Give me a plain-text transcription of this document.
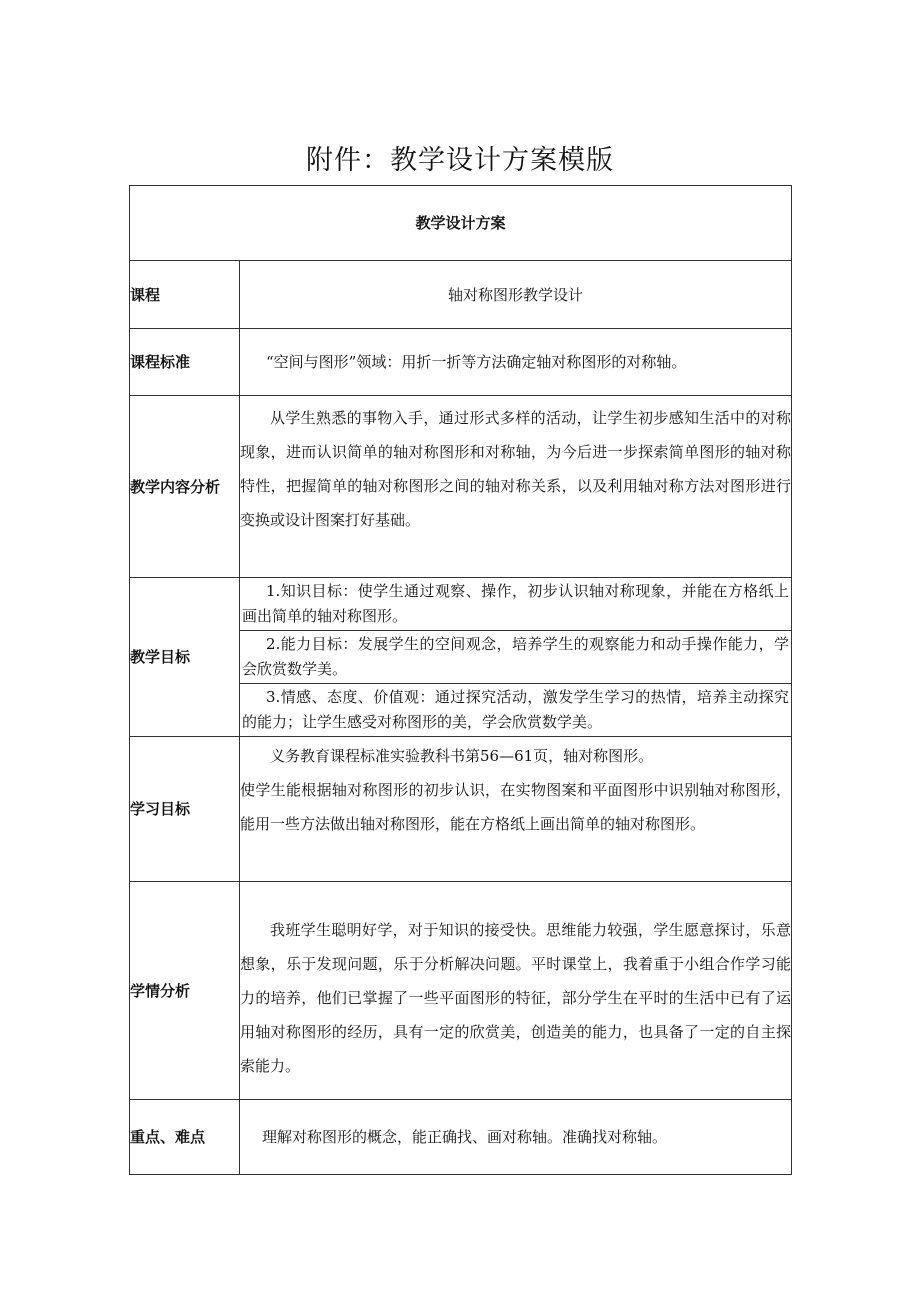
附件：教学设计方案模版
教学设计方案	
课程	轴对称图形教学设计
课程标准	“空间与图形”领域：用折一折等方法确定轴对称图形的对称轴。
教学内容分析	从学生熟悉的事物入手，通过形式多样的活动，让学生初步感知生活中的对称现象，进而认识简单的轴对称图形和对称轴，为今后进一步探索简单图形的轴对称特性，把握简单的轴对称图形之间的轴对称关系，以及利用轴对称方法对图形进行变换或设计图案打好基础。

教学目标	1.知识目标：使学生通过观察、操作，初步认识轴对称现象，并能在方格纸上画出简单的轴对称图形。
2.能力目标：发展学生的空间观念，培养学生的观察能力和动手操作能力，学会欣赏数学美。
3.情感、态度、价值观：通过探究活动，激发学生学习的热情，培养主动探究的能力；让学生感受对称图形的美，学会欣赏数学美。

学习目标	义务教育课程标准实验教科书第56—61页，轴对称图形。

使学生能根据轴对称图形的初步认识，在实物图案和平面图形中识别轴对称图形，能用一些方法做出轴对称图形，能在方格纸上画出简单的轴对称图形。

学情分析	我班学生聪明好学，对于知识的接受快。思维能力较强，学生愿意探讨，乐意想象，乐于发现问题，乐于分析解决问题。平时课堂上，我着重于小组合作学习能力的培养，他们已掌握了一些平面图形的特征，部分学生在平时的生活中已有了运用轴对称图形的经历，具有一定的欣赏美，创造美的能力，也具备了一定的自主探索能力。

重点、难点	理解对称图形的概念，能正确找、画对称轴。准确找对称轴。
